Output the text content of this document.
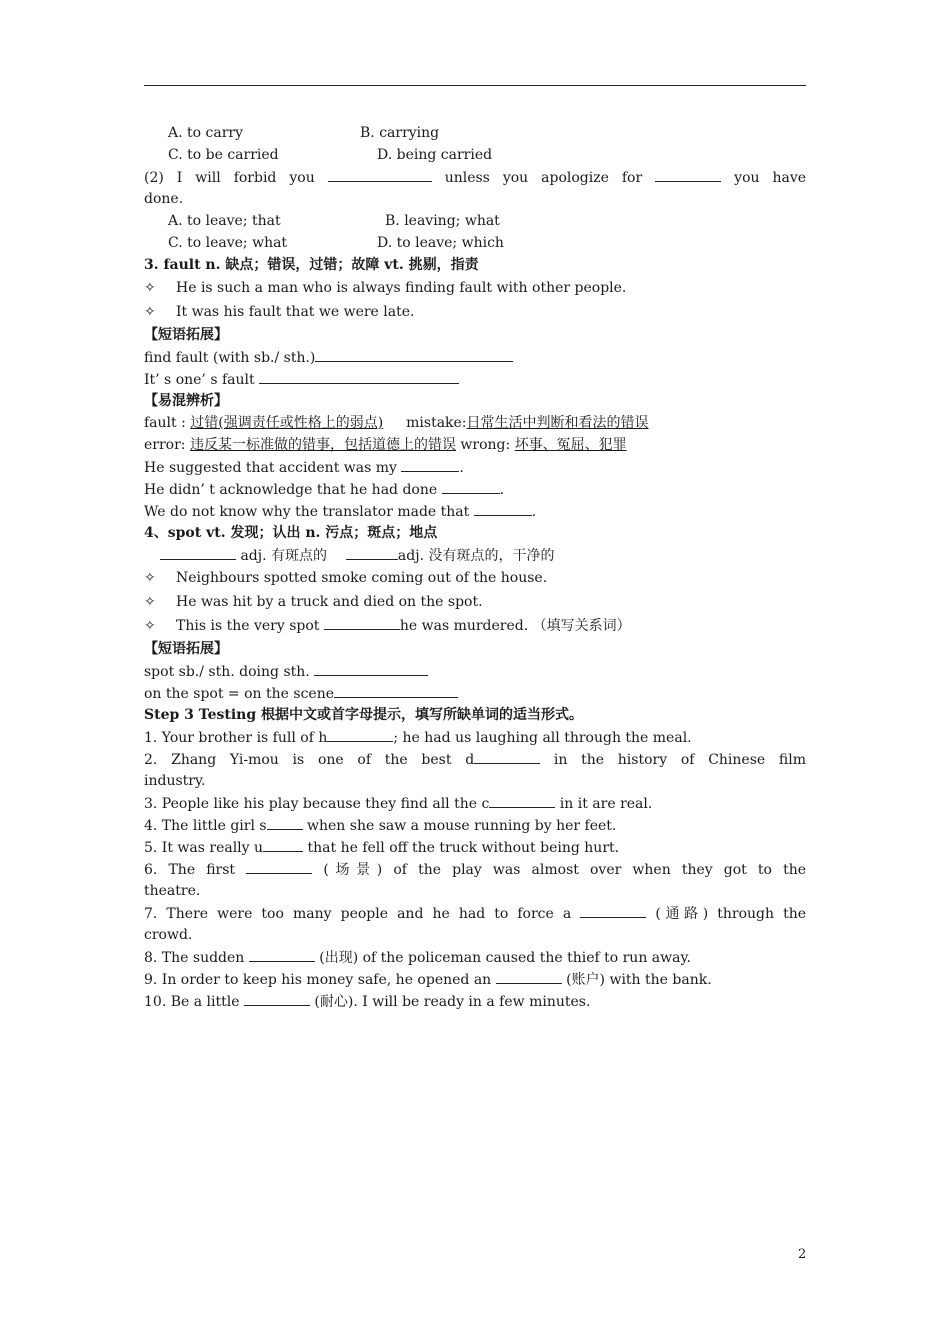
A. to carry	B. carrying
C. to be carried	D. being carried
(2) I will forbid you	unless you apologize for	you have
done.
A. to leave; that	B. leaving; what
C. to leave; what	D. to leave; which
3. fault n. 缺点；错误，过错；故障 vt. 挑剔，指责
✧ He is such a man who is always finding fault with other people.
✧ It was his fault that we were late.
【短语拓展】
find fault (with sb./ sth.)
It’ s one’ s fault
【易混辨析】
fault : 过错(强调责任或性格上的弱点) mistake:日常生活中判断和看法的错误
error: 违反某一标准做的错事，包括道德上的错误 wrong: 坏事、冤屈、犯罪
He suggested that accident was my	.
He didn’ t acknowledge that he had done	.
We do not know why the translator made that	.
4、spot vt. 发现；认出 n. 污点；斑点；地点
adj. 有斑点的	adj. 没有斑点的，干净的
✧ Neighbours spotted smoke coming out of the house.
✧ He was hit by a truck and died on the spot.
✧ This is the very spot	he was murdered. （填写关系词）
【短语拓展】
spot sb./ sth. doing sth.
on the spot = on the scene
Step 3 Testing 根据中文或首字母提示，填写所缺单词的适当形式。
1. Your brother is full of h	; he had us laughing all through the meal.
2. Zhang Yi-mou is one of the best d	in the history of Chinese film
industry.
3. People like his play because they find all the c	in it are real.
4. The little girl s	when she saw a mouse running by her feet.
5. It was really u	that he fell off the truck without being hurt.
6. The first	(场景) of the play was almost over when they got to the
theatre.
7. There were too many people and he had to force a	(通路) through the
crowd.
8. The sudden	(出现) of the policeman caused the thief to run away.
9. In order to keep his money safe, he opened an	(账户) with the bank.
10. Be a little	(耐心). I will be ready in a few minutes.
2
